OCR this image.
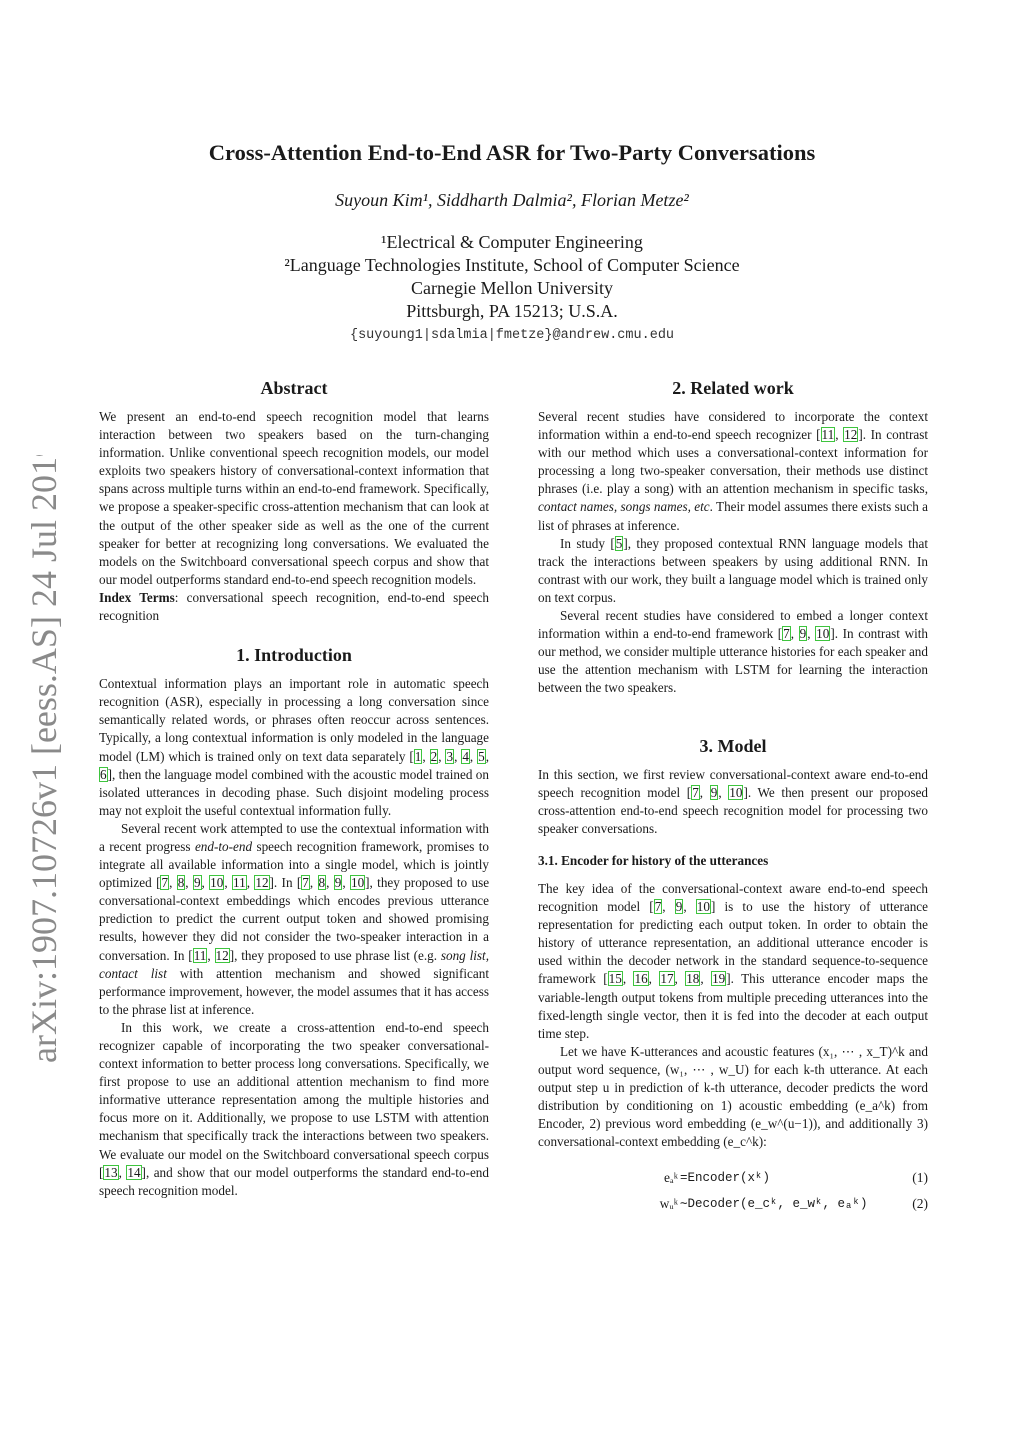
arXiv:1907.10726v1 [eess.AS] 24 Jul 2019
Cross-Attention End-to-End ASR for Two-Party Conversations
Suyoun Kim¹, Siddharth Dalmia², Florian Metze²
¹Electrical & Computer Engineering
²Language Technologies Institute, School of Computer Science
Carnegie Mellon University
Pittsburgh, PA 15213; U.S.A.
{suyoung1|sdalmia|fmetze}@andrew.cmu.edu
Abstract

We present an end-to-end speech recognition model that learns interaction between two speakers based on the turn-changing information. Unlike conventional speech recognition models, our model exploits two speakers history of conversational-context information that spans across multiple turns within an end-to-end framework. Specifically, we propose a speaker-specific cross-attention mechanism that can look at the output of the other speaker side as well as the one of the current speaker for better at recognizing long conversations. We evaluated the models on the Switchboard conversational speech corpus and show that our model outperforms standard end-to-end speech recognition models.

Index Terms: conversational speech recognition, end-to-end speech recognition

1. Introduction

Contextual information plays an important role in automatic speech recognition (ASR), especially in processing a long conversation since semantically related words, or phrases often reoccur across sentences. Typically, a long contextual information is only modeled in the language model (LM) which is trained only on text data separately [1, 2, 3, 4, 5, 6], then the language model combined with the acoustic model trained on isolated utterances in decoding phase. Such disjoint modeling process may not exploit the useful contextual information fully.

Several recent work attempted to use the contextual information with a recent progress end-to-end speech recognition framework, promises to integrate all available information into a single model, which is jointly optimized [7, 8, 9, 10, 11, 12]. In [7, 8, 9, 10], they proposed to use conversational-context embeddings which encodes previous utterance prediction to predict the current output token and showed promising results, however they did not consider the two-speaker interaction in a conversation. In [11, 12], they proposed to use phrase list (e.g. song list, contact list with attention mechanism and showed significant performance improvement, however, the model assumes that it has access to the phrase list at inference.

In this work, we create a cross-attention end-to-end speech recognizer capable of incorporating the two speaker conversational-context information to better process long conversations. Specifically, we first propose to use an additional attention mechanism to find more informative utterance representation among the multiple histories and focus more on it. Additionally, we propose to use LSTM with attention mechanism that specifically track the interactions between two speakers. We evaluate our model on the Switchboard conversational speech corpus [13, 14], and show that our model outperforms the standard end-to-end speech recognition model.

2. Related work

Several recent studies have considered to incorporate the context information within a end-to-end speech recognizer [11, 12]. In contrast with our method which uses a conversational-context information for processing a long two-speaker conversation, their methods use distinct phrases (i.e. play a song) with an attention mechanism in specific tasks, contact names, songs names, etc. Their model assumes there exists such a list of phrases at inference.

In study [5], they proposed contextual RNN language models that track the interactions between speakers by using additional RNN. In contrast with our work, they built a language model which is trained only on text corpus.

Several recent studies have considered to embed a longer context information within a end-to-end framework [7, 9, 10]. In contrast with our method, we consider multiple utterance histories for each speaker and use the attention mechanism with LSTM for learning the interaction between the two speakers.

3. Model

In this section, we first review conversational-context aware end-to-end speech recognition model [7, 9, 10]. We then present our proposed cross-attention end-to-end speech recognition model for processing two speaker conversations.

3.1. Encoder for history of the utterances

The key idea of the conversational-context aware end-to-end speech recognition model [7, 9, 10] is to use the history of utterance representation for predicting each output token. In order to obtain the history of utterance representation, an additional utterance encoder is used within the decoder network in the standard sequence-to-sequence framework [15, 16, 17, 18, 19]. This utterance encoder maps the variable-length output tokens from multiple preceding utterances into the fixed-length single vector, then it is fed into the decoder at each output time step.

Let we have K-utterances and acoustic features (x₁, ⋯ , x_T)^k and output word sequence, (w₁, ⋯ , w_U) for each k-th utterance. At each output step u in prediction of k-th utterance, decoder predicts the word distribution by conditioning on 1) acoustic embedding (e_a^k) from Encoder, 2) previous word embedding (e_w^(u−1)), and additionally 3) conversational-context embedding (e_c^k):

eₐᵏ =Encoder(xᵏ)	(1)
wᵤᵏ ∼Decoder(e_cᵏ, e_wᵏ, eₐᵏ)	(2)
